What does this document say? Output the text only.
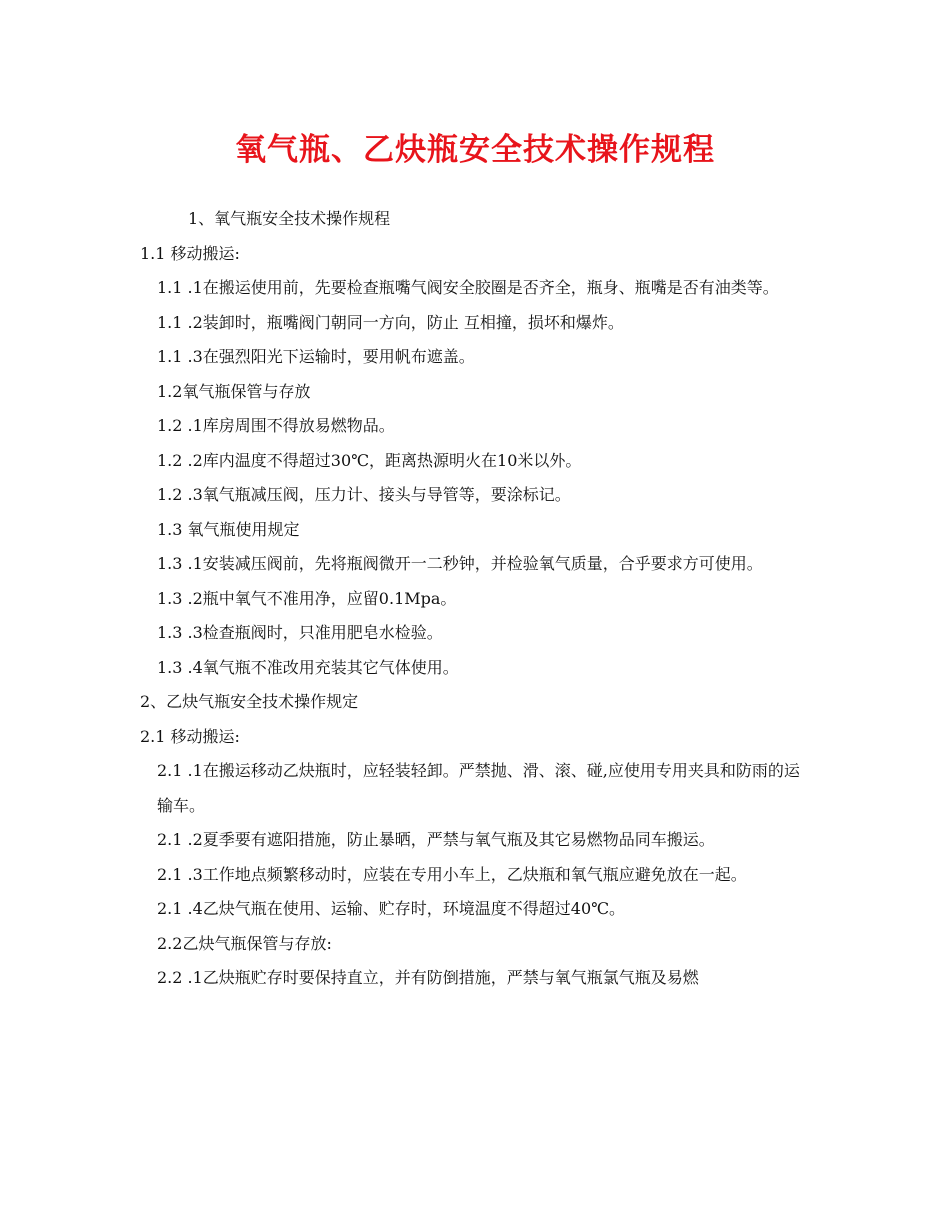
氧气瓶、乙炔瓶安全技术操作规程

1、氧气瓶安全技术操作规程

1.1 移动搬运:

1.1 .1在搬运使用前，先要检查瓶嘴气阀安全胶圈是否齐全，瓶身、瓶嘴是否有油类等。

1.1 .2装卸时，瓶嘴阀门朝同一方向，防止 互相撞，损坏和爆炸。

1.1 .3在强烈阳光下运输时，要用帆布遮盖。

1.2氧气瓶保管与存放

1.2 .1库房周围不得放易燃物品。

1.2 .2库内温度不得超过30℃，距离热源明火在10米以外。

1.2 .3氧气瓶减压阀，压力计、接头与导管等，要涂标记。

1.3 氧气瓶使用规定

1.3 .1安装减压阀前，先将瓶阀微开一二秒钟，并检验氧气质量，合乎要求方可使用。

1.3 .2瓶中氧气不准用净，应留0.1Mpa。

1.3 .3检查瓶阀时，只准用肥皂水检验。

1.3 .4氧气瓶不准改用充装其它气体使用。

2、乙炔气瓶安全技术操作规定

2.1 移动搬运:

2.1 .1在搬运移动乙炔瓶时，应轻装轻卸。严禁抛、滑、滚、碰,应使用专用夹具和防雨的运输车。

2.1 .2夏季要有遮阳措施，防止暴晒，严禁与氧气瓶及其它易燃物品同车搬运。

2.1 .3工作地点频繁移动时，应装在专用小车上，乙炔瓶和氧气瓶应避免放在一起。

2.1 .4乙炔气瓶在使用、运输、贮存时，环境温度不得超过40℃。

2.2乙炔气瓶保管与存放:

2.2 .1乙炔瓶贮存时要保持直立，并有防倒措施，严禁与氧气瓶氯气瓶及易燃
